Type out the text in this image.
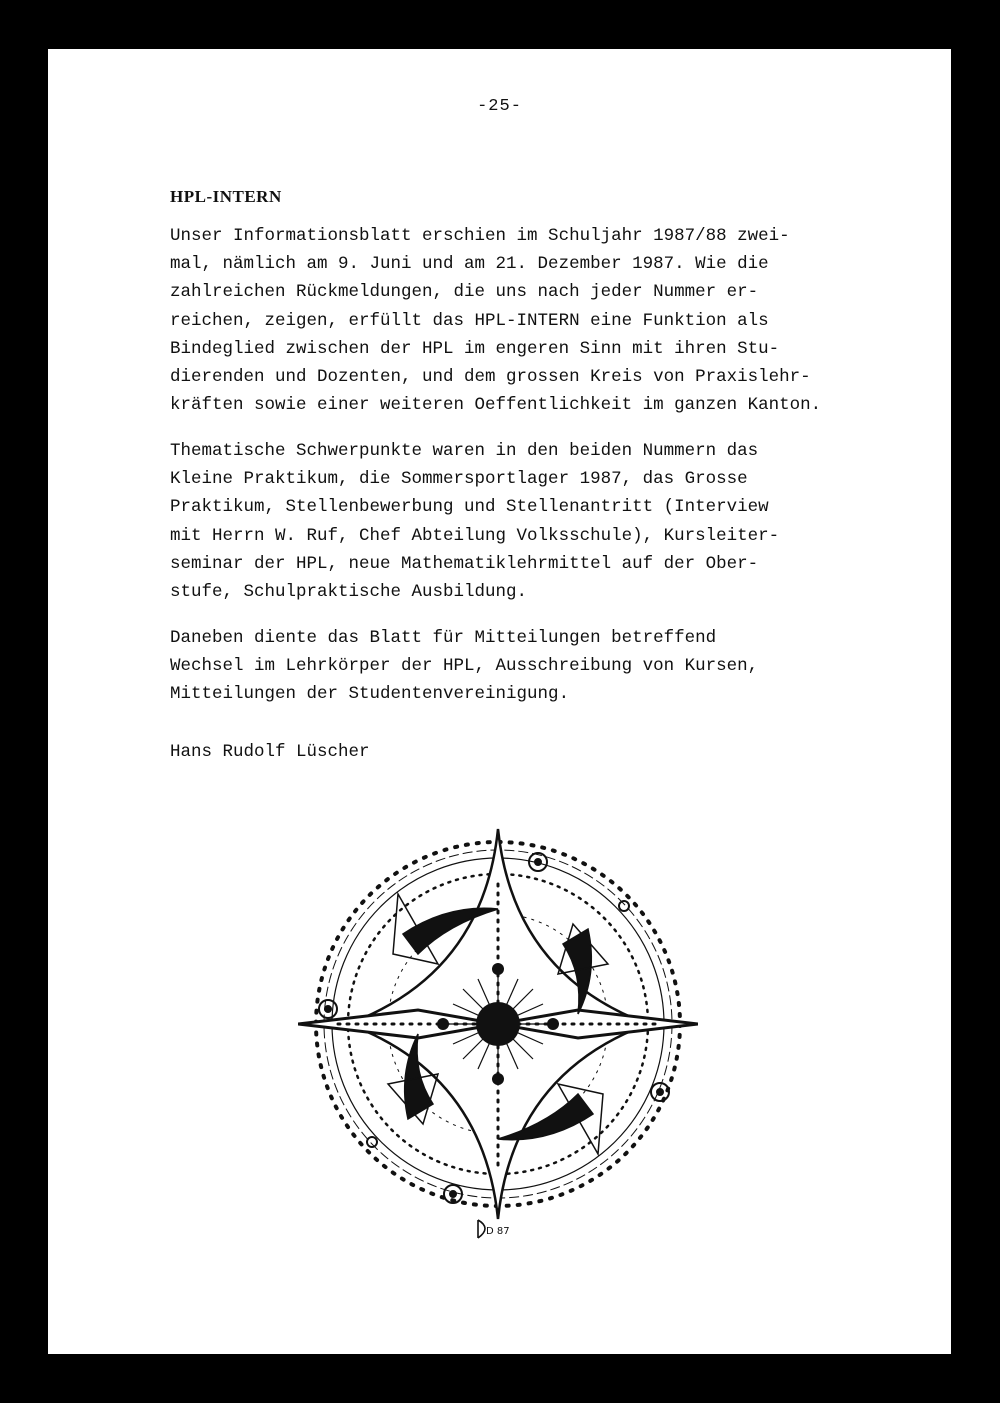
-25-
HPL-INTERN

Unser Informationsblatt erschien im Schuljahr 1987/88 zwei-
mal, nämlich am 9. Juni und am 21. Dezember 1987. Wie die
zahlreichen Rückmeldungen, die uns nach jeder Nummer er-
reichen, zeigen, erfüllt das HPL-INTERN eine Funktion als
Bindeglied zwischen der HPL im engeren Sinn mit ihren Stu-
dierenden und Dozenten, und dem grossen Kreis von Praxislehr-
kräften sowie einer weiteren Oeffentlichkeit im ganzen Kanton.

Thematische Schwerpunkte waren in den beiden Nummern das
Kleine Praktikum, die Sommersportlager 1987, das Grosse
Praktikum, Stellenbewerbung und Stellenantritt (Interview
mit Herrn W. Ruf, Chef Abteilung Volksschule), Kursleiter-
seminar der HPL, neue Mathematiklehrmittel auf der Ober-
stufe, Schulpraktische Ausbildung.

Daneben diente das Blatt für Mitteilungen betreffend
Wechsel im Lehrkörper der HPL, Ausschreibung von Kursen,
Mitteilungen der Studentenvereinigung.

Hans Rudolf Lüscher
D 87
